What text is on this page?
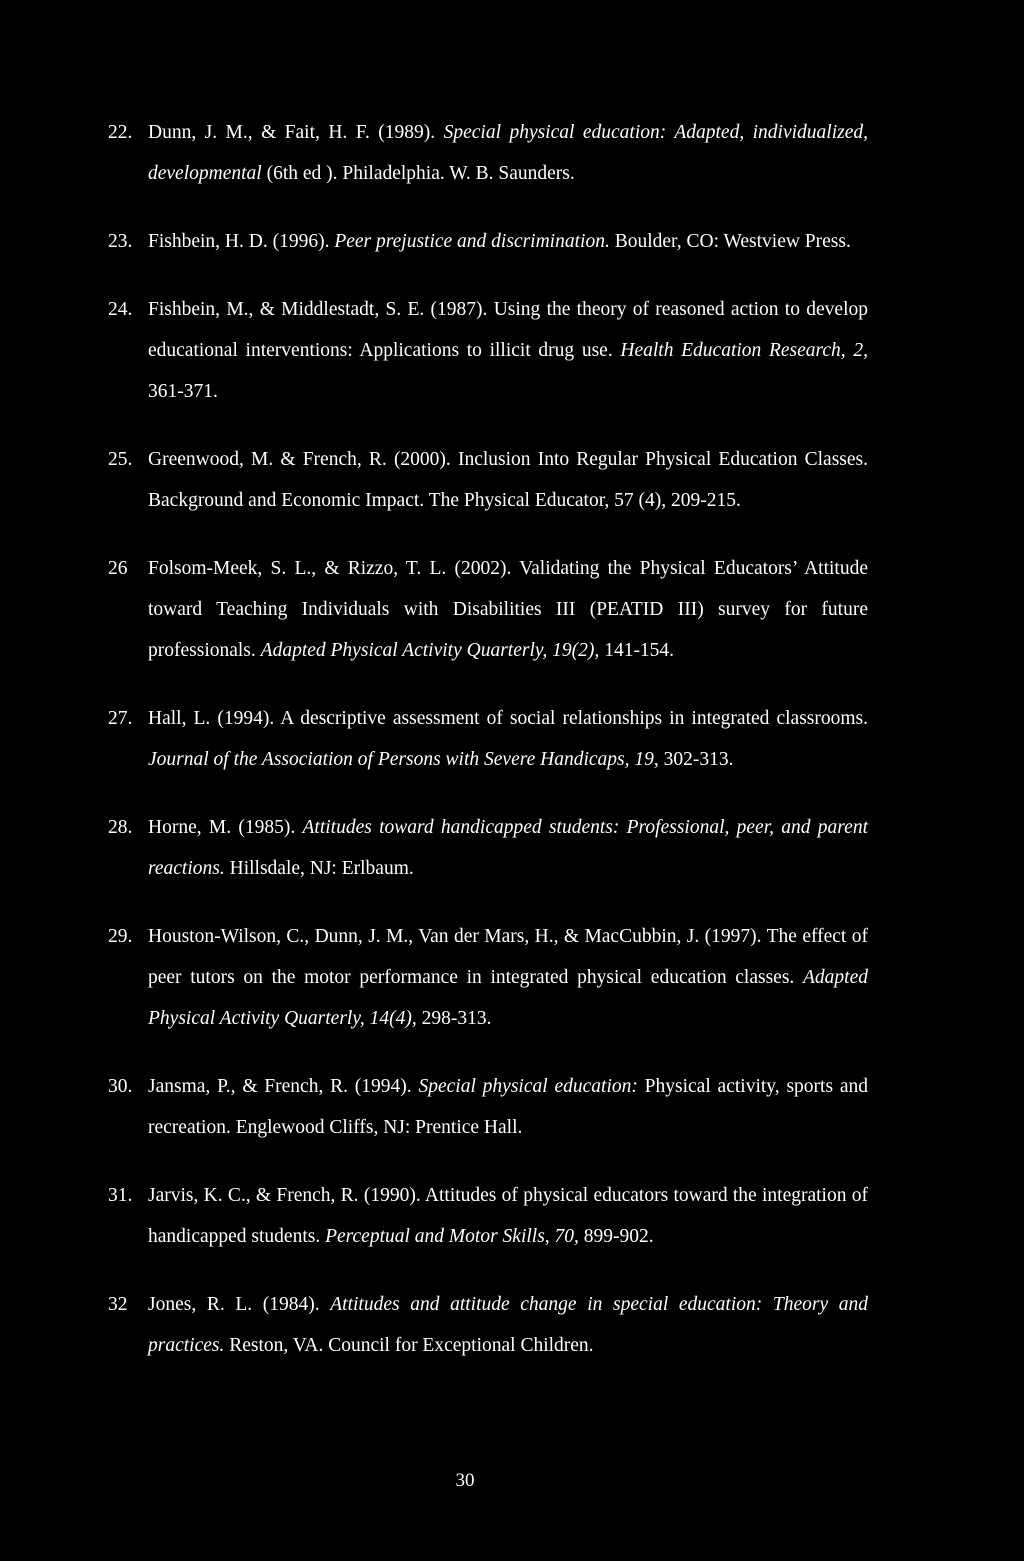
22. Dunn, J. M., & Fait, H. F. (1989). Special physical education: Adapted, individualized, developmental (6th ed ). Philadelphia. W. B. Saunders.
23. Fishbein, H. D. (1996). Peer prejustice and discrimination. Boulder, CO: Westview Press.
24. Fishbein, M., & Middlestadt, S. E. (1987). Using the theory of reasoned action to develop educational interventions: Applications to illicit drug use. Health Education Research, 2, 361-371.
25. Greenwood, M. & French, R. (2000). Inclusion Into Regular Physical Education Classes. Background and Economic Impact. The Physical Educator, 57 (4), 209-215.
26	Folsom-Meek, S. L., & Rizzo, T. L. (2002). Validating the Physical Educators’ Attitude toward Teaching Individuals with Disabilities III (PEATID III) survey for future professionals. Adapted Physical Activity Quarterly, 19(2), 141-154.
27. Hall, L. (1994). A descriptive assessment of social relationships in integrated classrooms. Journal of the Association of Persons with Severe Handicaps, 19, 302-313.
28. Horne, M. (1985). Attitudes toward handicapped students: Professional, peer, and parent reactions. Hillsdale, NJ: Erlbaum.
29. Houston-Wilson, C., Dunn, J. M., Van der Mars, H., & MacCubbin, J. (1997). The effect of peer tutors on the motor performance in integrated physical education classes. Adapted Physical Activity Quarterly, 14(4), 298-313.
30. Jansma, P., & French, R. (1994). Special physical education: Physical activity, sports and recreation. Englewood Cliffs, NJ: Prentice Hall.
31. Jarvis, K. C., & French, R. (1990). Attitudes of physical educators toward the integration of handicapped students. Perceptual and Motor Skills, 70, 899-902.
32	Jones, R. L. (1984). Attitudes and attitude change in special education: Theory and practices. Reston, VA. Council for Exceptional Children.
30
